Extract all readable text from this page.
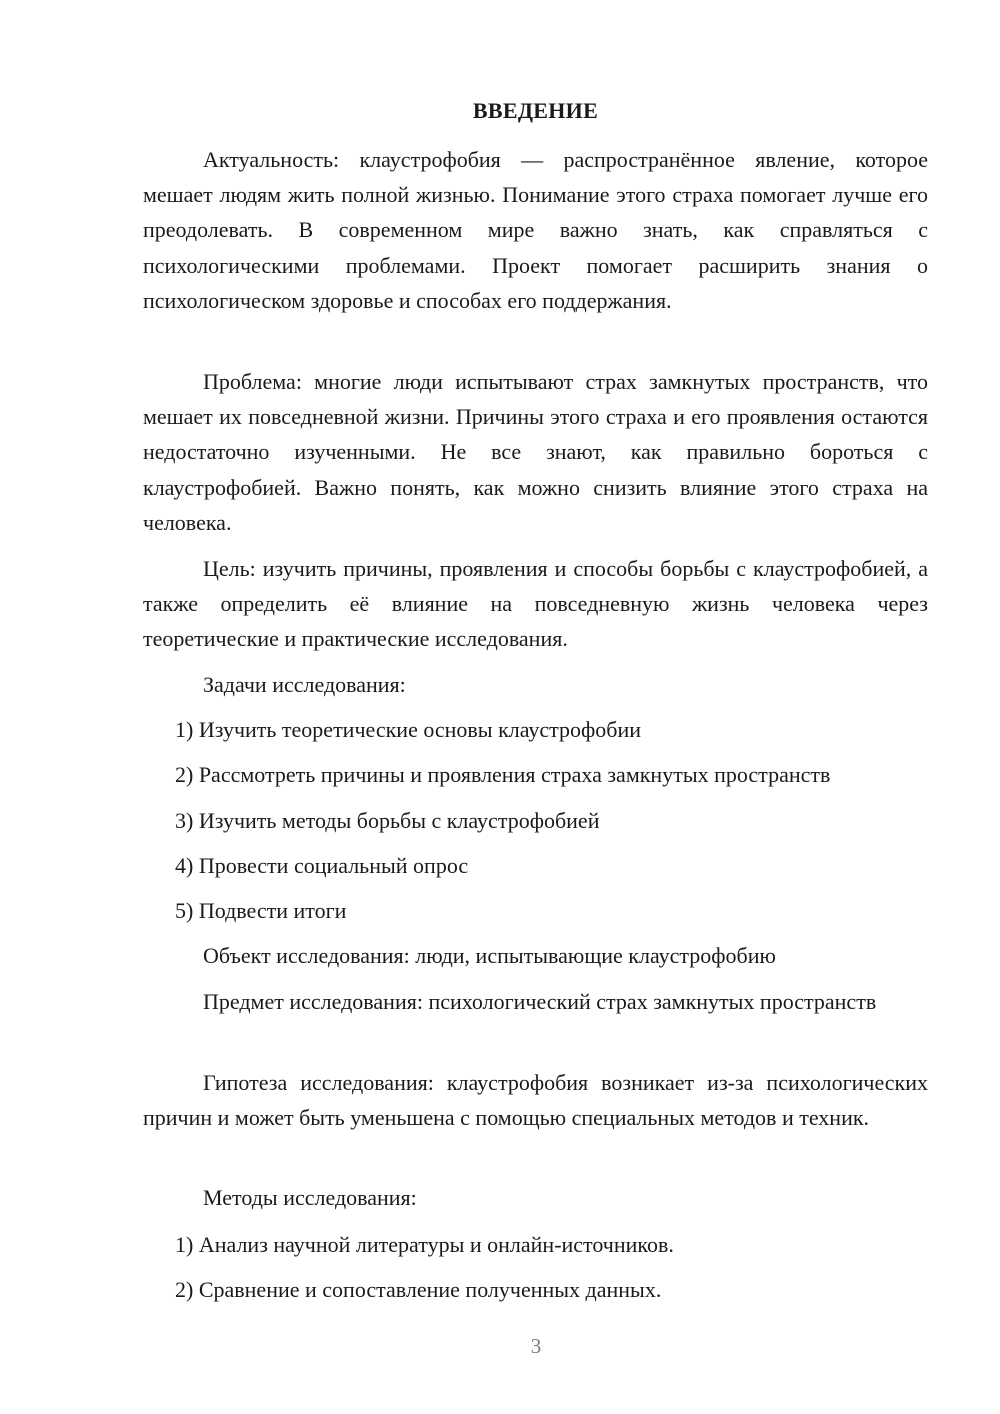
ВВЕДЕНИЕ

Актуальность: клаустрофобия — распространённое явление, которое мешает людям жить полной жизнью. Понимание этого страха помогает лучше его преодолевать. В современном мире важно знать, как справляться с психологическими проблемами. Проект помогает расширить знания о психологическом здоровье и способах его поддержания.

Проблема: многие люди испытывают страх замкнутых пространств, что мешает их повседневной жизни. Причины этого страха и его проявления остаются недостаточно изученными. Не все знают, как правильно бороться с клаустрофобией. Важно понять, как можно снизить влияние этого страха на человека.

Цель: изучить причины, проявления и способы борьбы с клаустрофобией, а также определить её влияние на повседневную жизнь человека через теоретические и практические исследования.

Задачи исследования:

1) Изучить теоретические основы клаустрофобии

2) Рассмотреть причины и проявления страха замкнутых пространств

3) Изучить методы борьбы с клаустрофобией

4) Провести социальный опрос

5) Подвести итоги

Объект исследования: люди, испытывающие клаустрофобию

Предмет исследования: психологический страх замкнутых пространств

Гипотеза исследования: клаустрофобия возникает из-за психологических причин и может быть уменьшена с помощью специальных методов и техник.

Методы исследования:

1) Анализ научной литературы и онлайн-источников.

2) Сравнение и сопоставление полученных данных.

3
